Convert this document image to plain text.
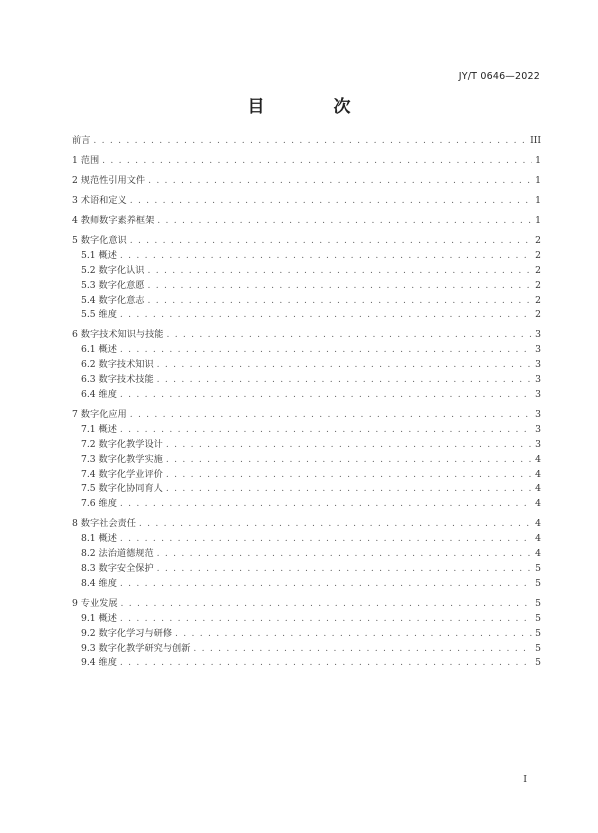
JY/T 0646—2022
目　次
前言 . . .	III
1 范围 . . .	1
2 规范性引用文件 . . .	1
3 术语和定义 . . .	1
4 教师数字素养框架 . . .	1
5 数字化意识 . . .	2
5.1 概述 . . .	2
5.2 数字化认识 . . .	2
5.3 数字化意愿 . . .	2
5.4 数字化意志 . . .	2
5.5 维度 . . .	2
6 数字技术知识与技能 . . .	3
6.1 概述 . . .	3
6.2 数字技术知识 . . .	3
6.3 数字技术技能 . . .	3
6.4 维度 . . .	3
7 数字化应用 . . .	3
7.1 概述 . . .	3
7.2 数字化教学设计 . . .	3
7.3 数字化教学实施 . . .	4
7.4 数字化学业评价 . . .	4
7.5 数字化协同育人 . . .	4
7.6 维度 . . .	4
8 数字社会责任 . . .	4
8.1 概述 . . .	4
8.2 法治道德规范 . . .	4
8.3 数字安全保护 . . .	5
8.4 维度 . . .	5
9 专业发展 . . .	5
9.1 概述 . . .	5
9.2 数字化学习与研修 . . .	5
9.3 数字化教学研究与创新 . . .	5
9.4 维度 . . .	5
I
